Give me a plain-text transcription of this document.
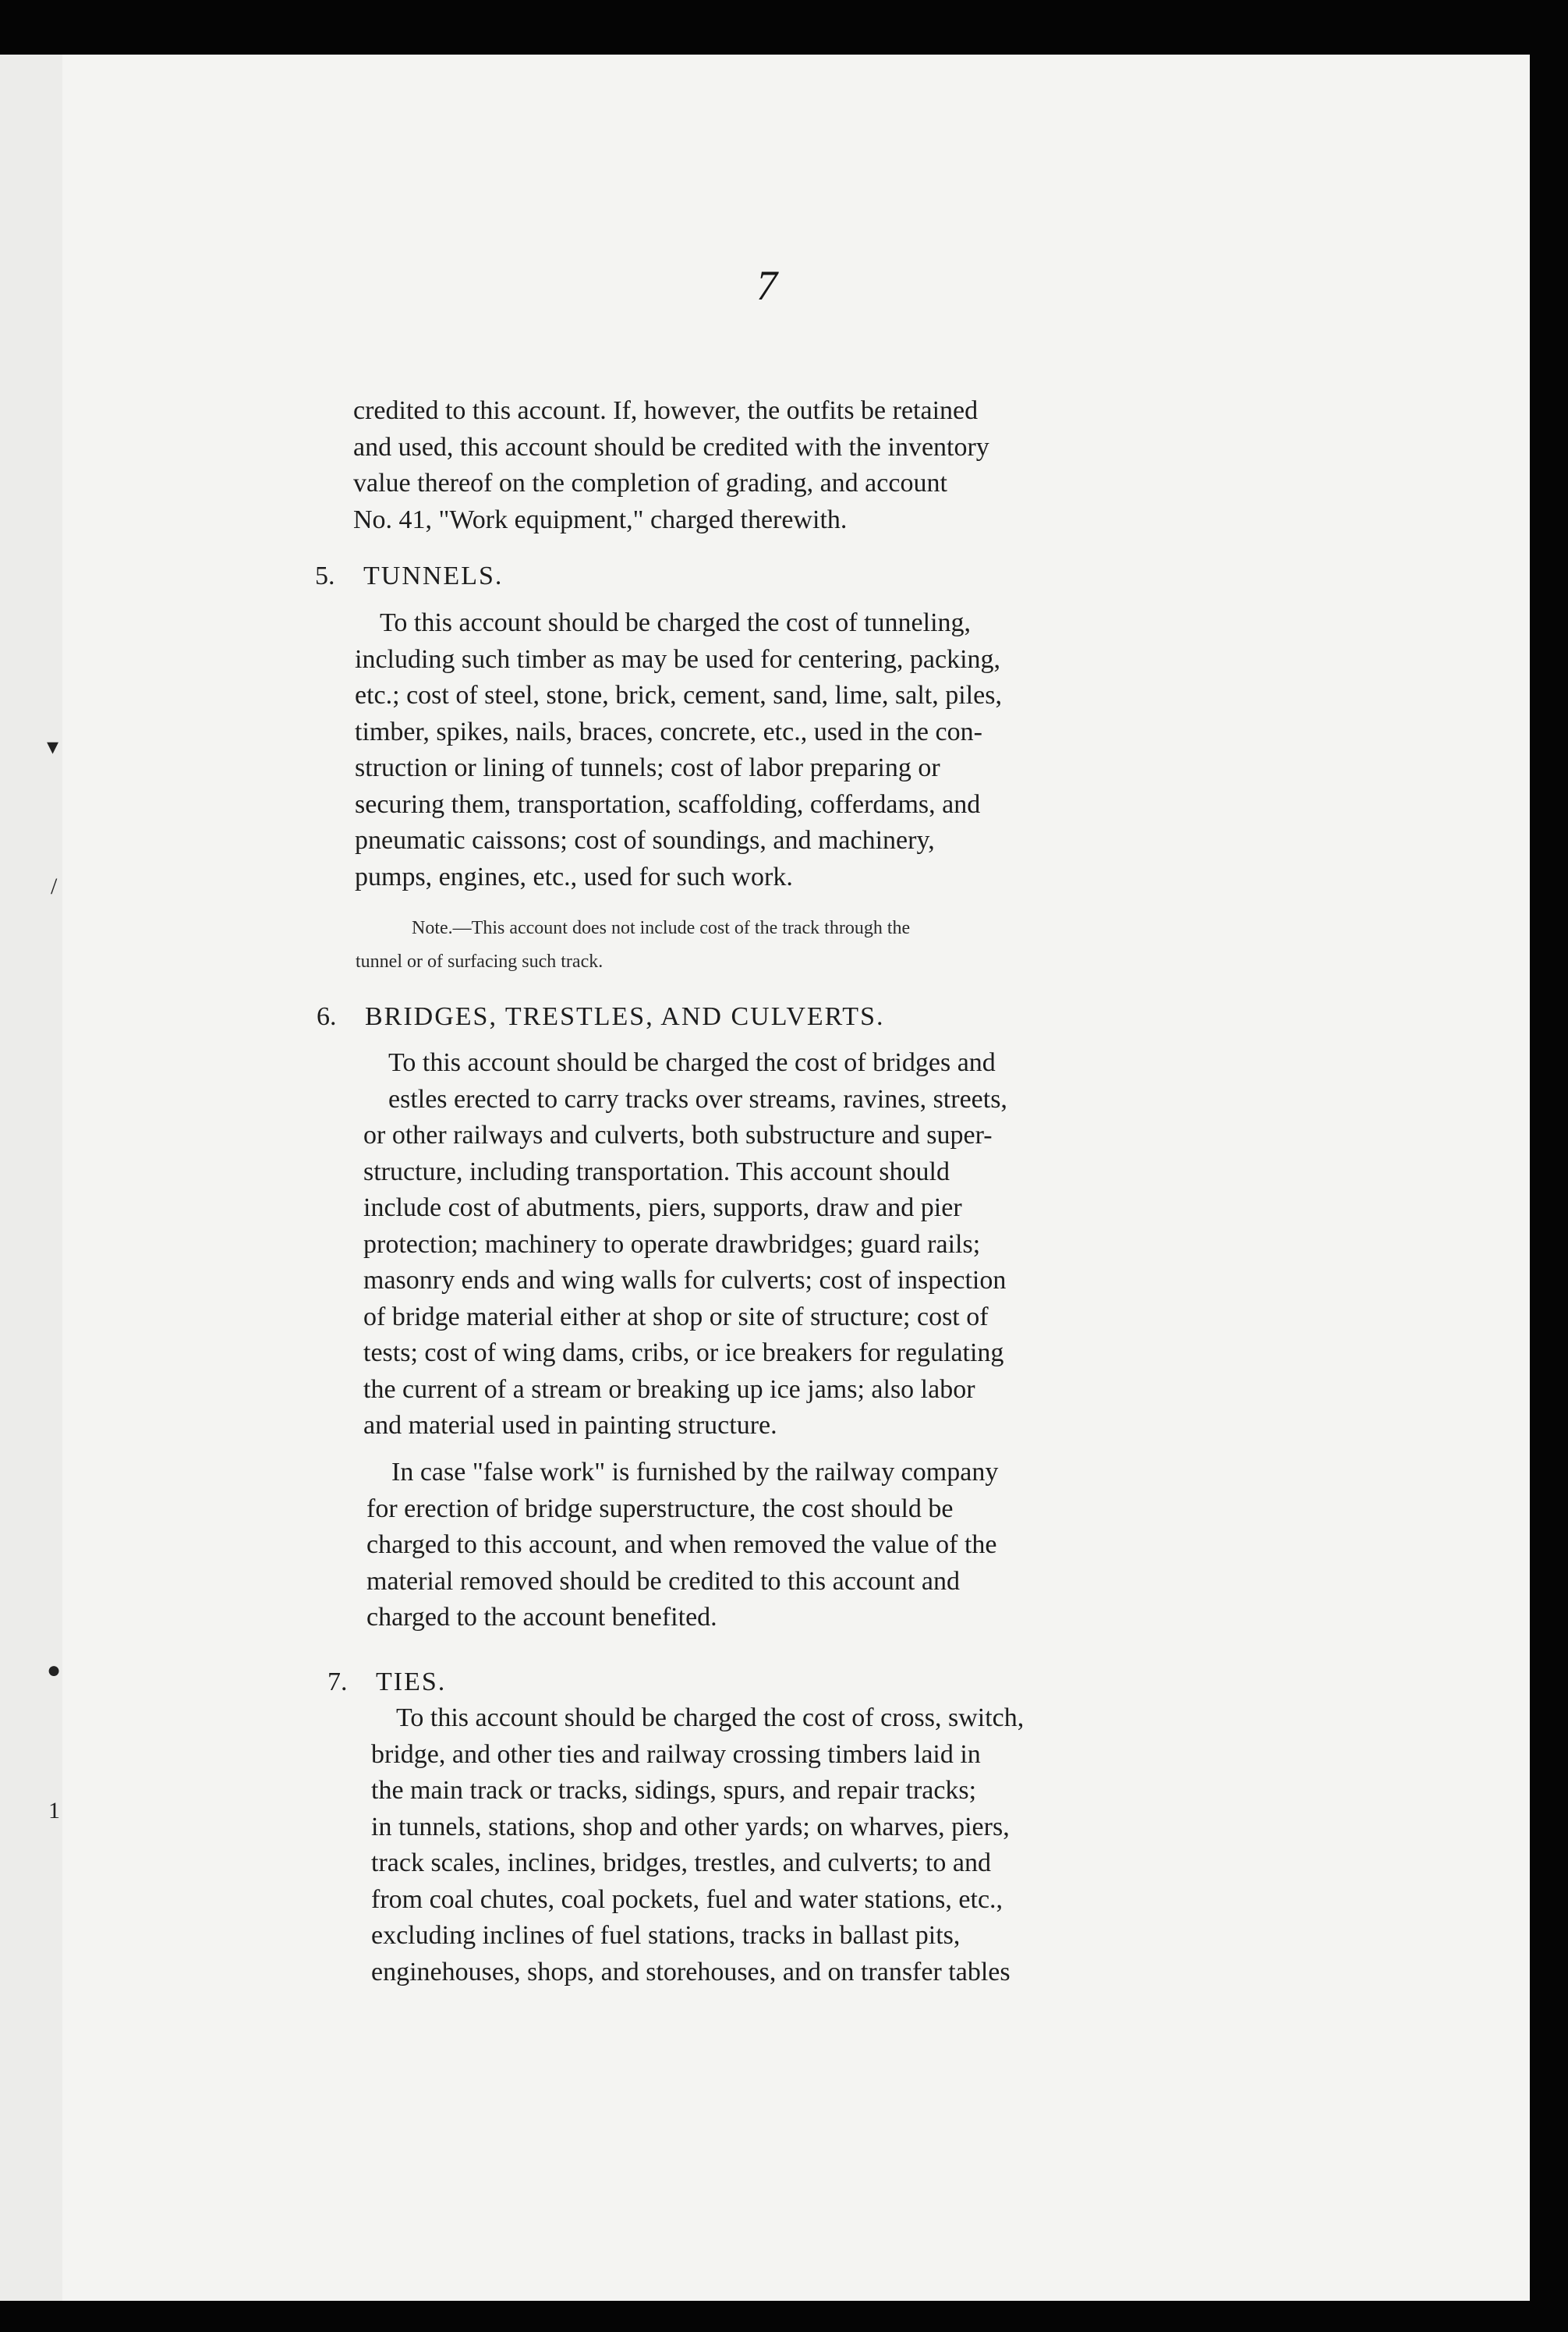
▾
/
●
1
7
credited to this account. If, however, the outfits be retained
and used, this account should be credited with the inventory
value thereof on the completion of grading, and account
No. 41, "Work equipment," charged therewith.
5. TUNNELS.
To this account should be charged the cost of tunneling,
including such timber as may be used for centering, packing,
etc.; cost of steel, stone, brick, cement, sand, lime, salt, piles,
timber, spikes, nails, braces, concrete, etc., used in the con-
struction or lining of tunnels; cost of labor preparing or
securing them, transportation, scaffolding, cofferdams, and
pneumatic caissons; cost of soundings, and machinery,
pumps, engines, etc., used for such work.
Note.—This account does not include cost of the track through the
tunnel or of surfacing such track.
6. BRIDGES, TRESTLES, AND CULVERTS.
To this account should be charged the cost of bridges and
estles erected to carry tracks over streams, ravines, streets,
or other railways and culverts, both substructure and super-
structure, including transportation. This account should
include cost of abutments, piers, supports, draw and pier
protection; machinery to operate drawbridges; guard rails;
masonry ends and wing walls for culverts; cost of inspection
of bridge material either at shop or site of structure; cost of
tests; cost of wing dams, cribs, or ice breakers for regulating
the current of a stream or breaking up ice jams; also labor
and material used in painting structure.
In case "false work" is furnished by the railway company
for erection of bridge superstructure, the cost should be
charged to this account, and when removed the value of the
material removed should be credited to this account and
charged to the account benefited.
7. TIES.
To this account should be charged the cost of cross, switch,
bridge, and other ties and railway crossing timbers laid in
the main track or tracks, sidings, spurs, and repair tracks;
in tunnels, stations, shop and other yards; on wharves, piers,
track scales, inclines, bridges, trestles, and culverts; to and
from coal chutes, coal pockets, fuel and water stations, etc.,
excluding inclines of fuel stations, tracks in ballast pits,
enginehouses, shops, and storehouses, and on transfer tables
